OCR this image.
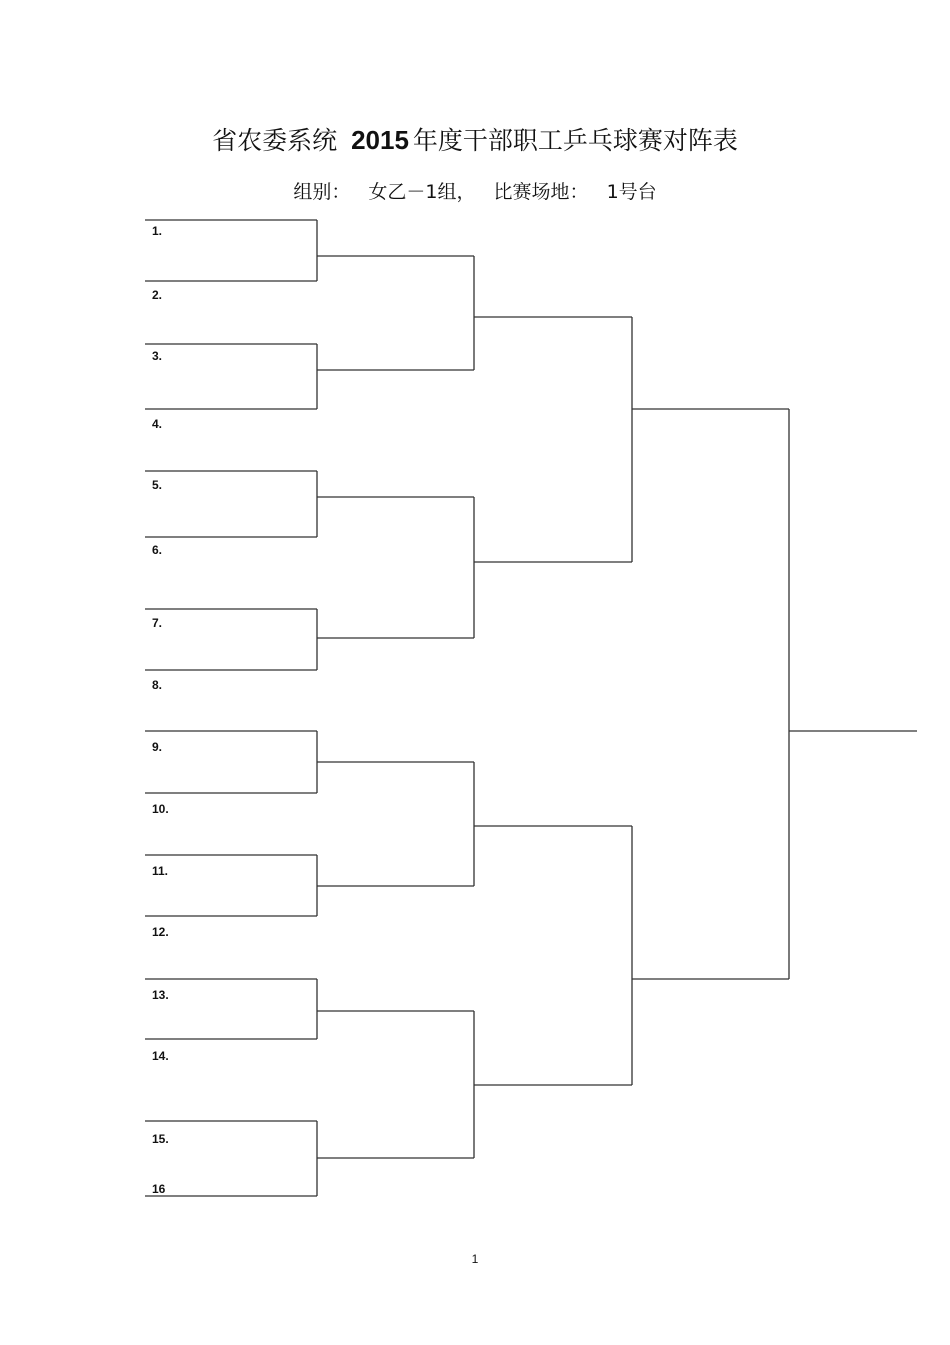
省农委系统 2015 年度干部职工乒乓球赛对阵表
组别： 女乙－1组， 比赛场地： 1号台
1.
2.
3.
4.
5.
6.
7.
8.
9.
10.
11.
12.
13.
14.
15.
16
1
